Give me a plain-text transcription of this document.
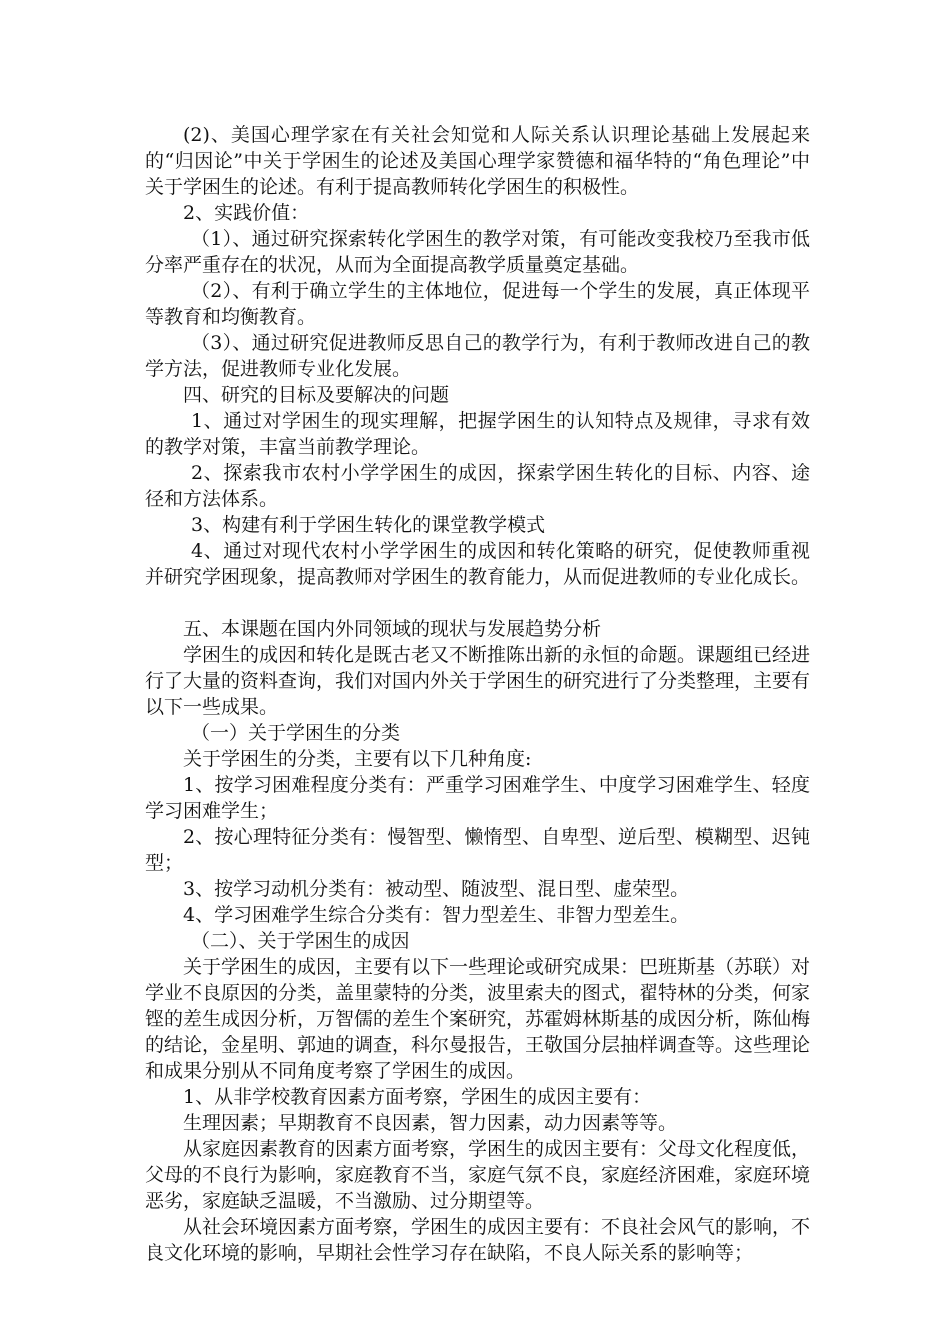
(2)、美国心理学家在有关社会知觉和人际关系认识理论基础上发展起来的“归因论”中关于学困生的论述及美国心理学家赞德和福华特的“角色理论”中关于学困生的论述。有利于提高教师转化学困生的积极性。

2、实践价值：

（1）、通过研究探索转化学困生的教学对策，有可能改变我校乃至我市低分率严重存在的状况，从而为全面提高教学质量奠定基础。

（2）、有利于确立学生的主体地位，促进每一个学生的发展，真正体现平等教育和均衡教育。

（3）、通过研究促进教师反思自己的教学行为，有利于教师改进自己的教学方法，促进教师专业化发展。

四、研究的目标及要解决的问题

1、通过对学困生的现实理解，把握学困生的认知特点及规律，寻求有效的教学对策，丰富当前教学理论。

2、探索我市农村小学学困生的成因，探索学困生转化的目标、内容、途径和方法体系。

3、构建有利于学困生转化的课堂教学模式

4、通过对现代农村小学学困生的成因和转化策略的研究，促使教师重视并研究学困现象，提高教师对学困生的教育能力，从而促进教师的专业化成长。

五、本课题在国内外同领域的现状与发展趋势分析

学困生的成因和转化是既古老又不断推陈出新的永恒的命题。课题组已经进行了大量的资料查询，我们对国内外关于学困生的研究进行了分类整理，主要有以下一些成果。

（一）关于学困生的分类

关于学困生的分类，主要有以下几种角度:

1、按学习困难程度分类有：严重学习困难学生、中度学习困难学生、轻度学习困难学生；

2、按心理特征分类有：慢智型、懒惰型、自卑型、逆后型、模糊型、迟钝型；

3、按学习动机分类有：被动型、随波型、混日型、虚荣型。

4、学习困难学生综合分类有：智力型差生、非智力型差生。

（二）、关于学困生的成因

关于学困生的成因，主要有以下一些理论或研究成果：巴班斯基（苏联）对学业不良原因的分类，盖里蒙特的分类，波里索夫的图式，翟特林的分类，何家铿的差生成因分析，万智儒的差生个案研究，苏霍姆林斯基的成因分析，陈仙梅的结论，金星明、郭迪的调查，科尔曼报告，王敬国分层抽样调查等。这些理论和成果分别从不同角度考察了学困生的成因。

1、从非学校教育因素方面考察，学困生的成因主要有：

生理因素；早期教育不良因素，智力因素，动力因素等等。

从家庭因素教育的因素方面考察，学困生的成因主要有：父母文化程度低，父母的不良行为影响，家庭教育不当，家庭气氛不良，家庭经济困难，家庭环境恶劣，家庭缺乏温暖，不当激励、过分期望等。

从社会环境因素方面考察，学困生的成因主要有：不良社会风气的影响，不良文化环境的影响，早期社会性学习存在缺陷，不良人际关系的影响等；
